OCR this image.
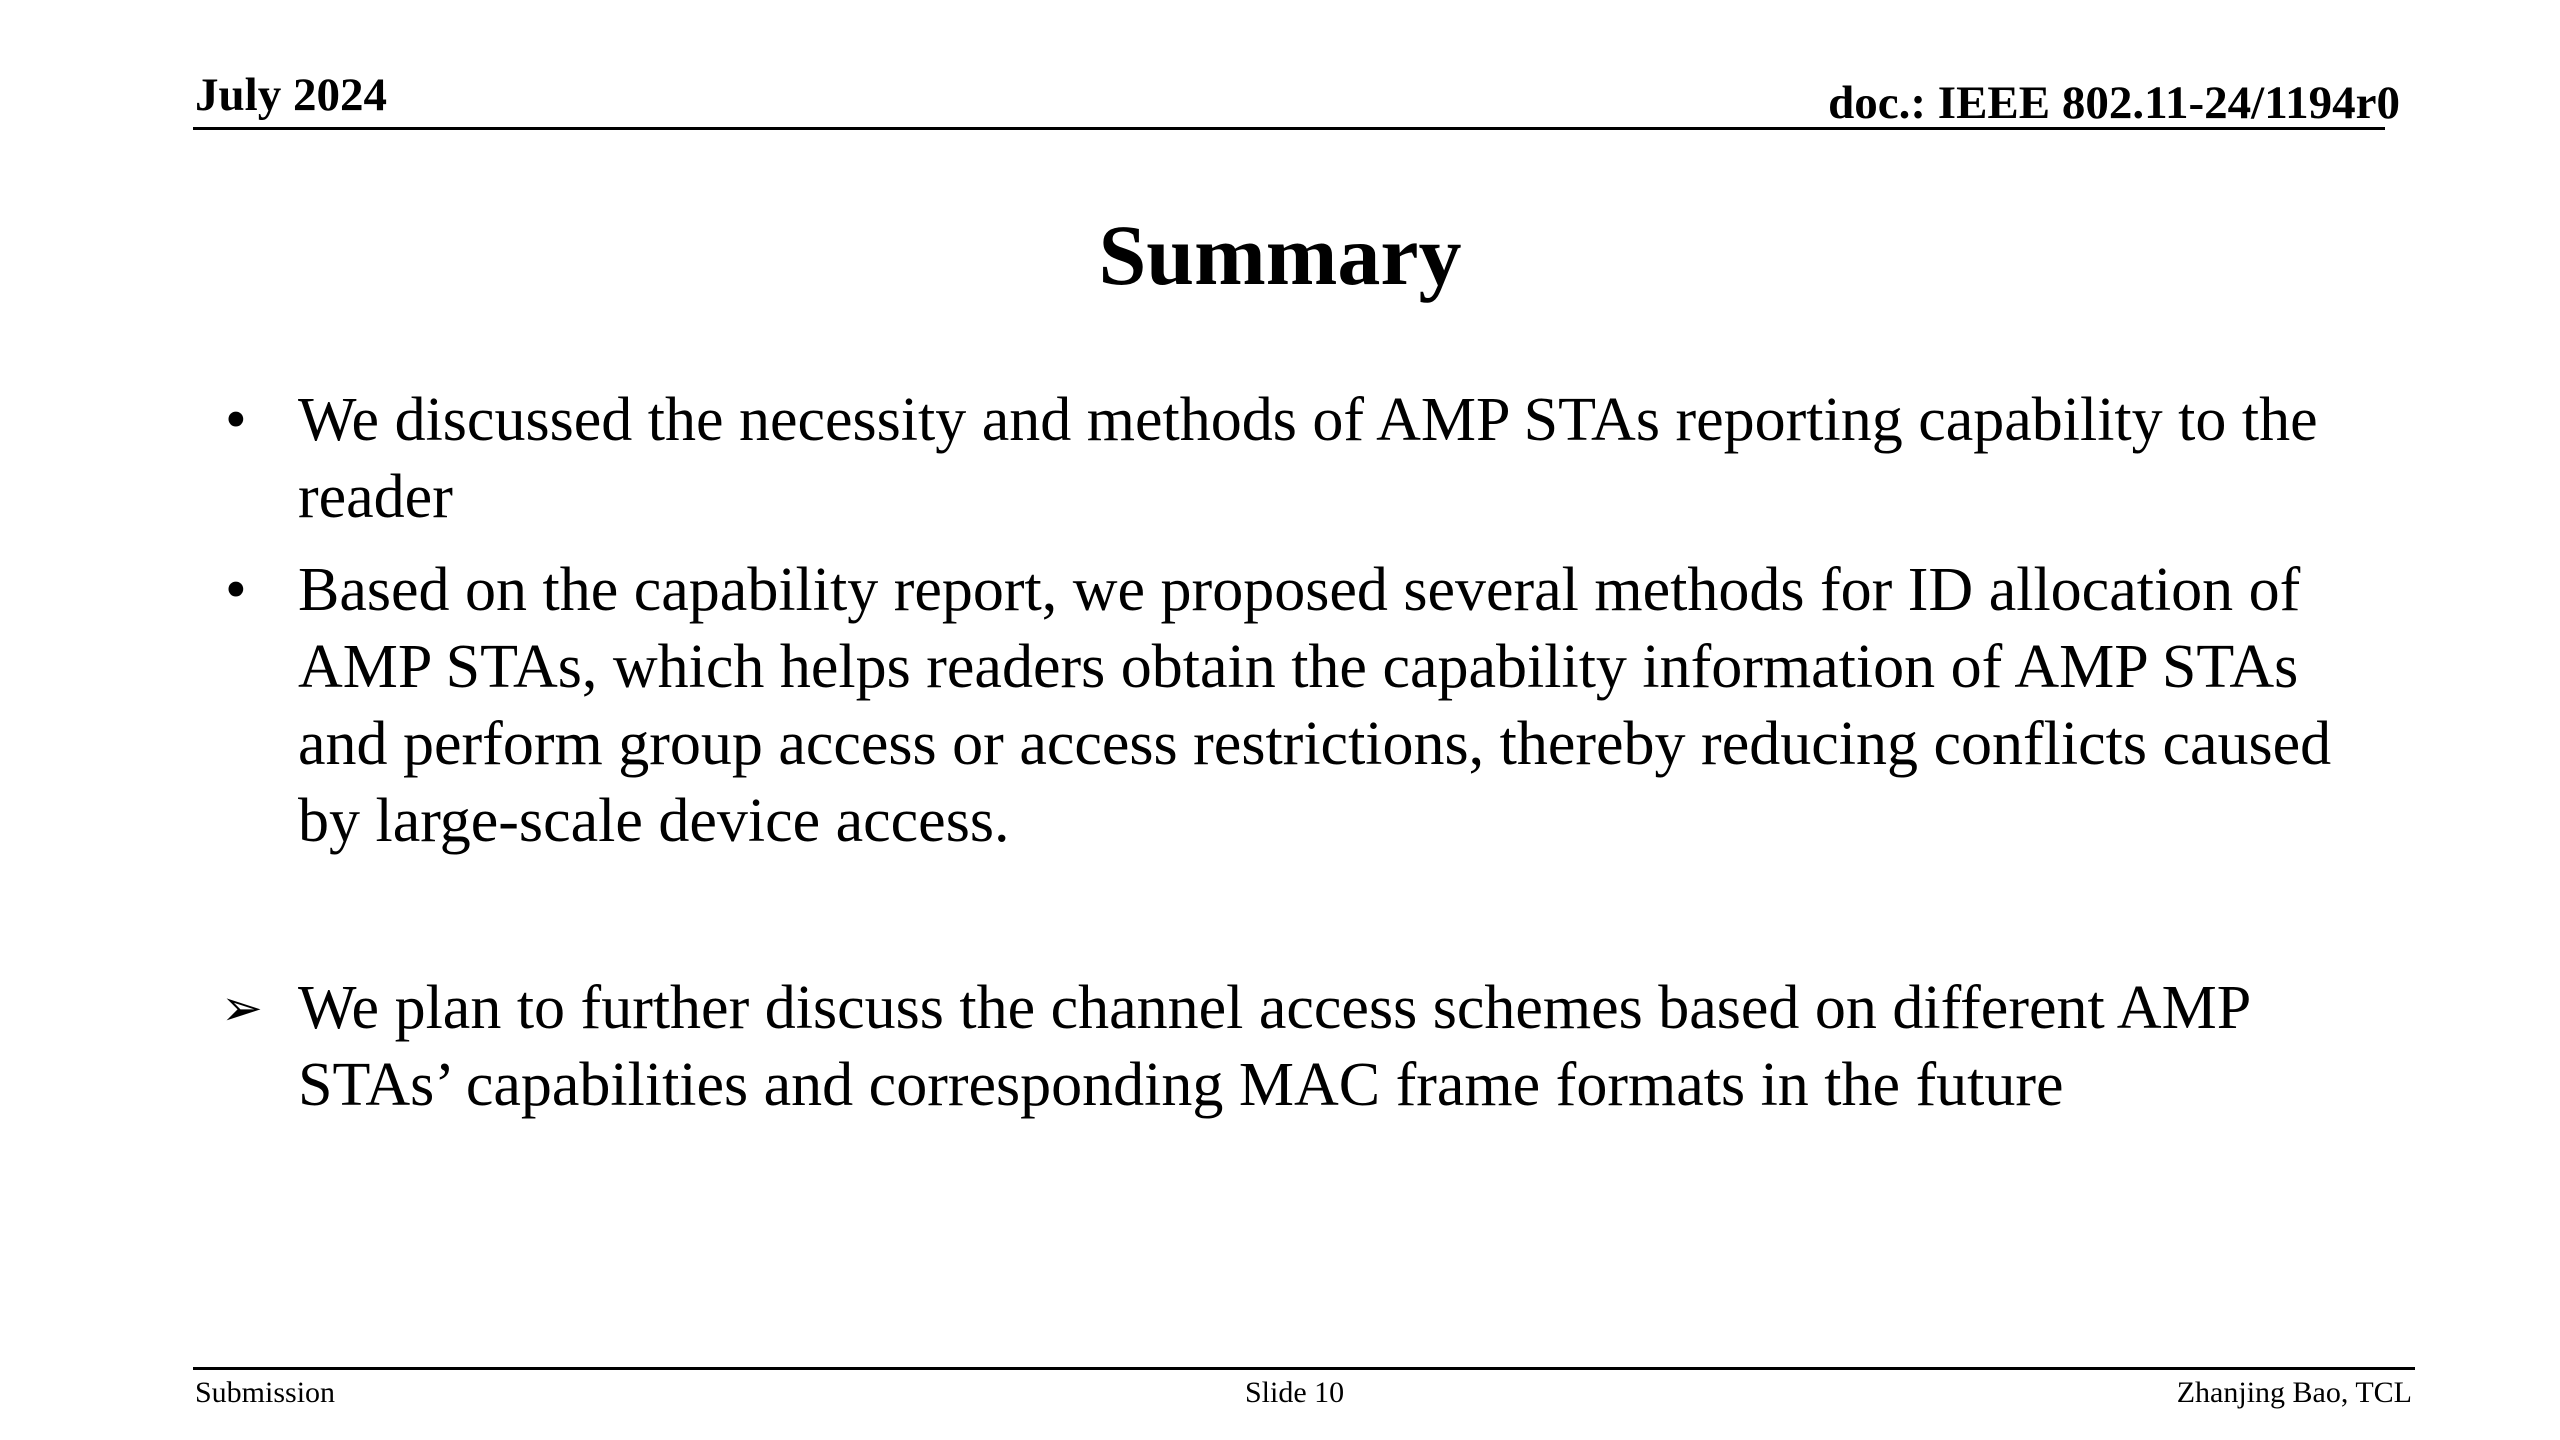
July 2024	doc.: IEEE 802.11-24/1194r0
Summary
• We discussed the necessity and methods of AMP STAs reporting capability to the reader
• Based on the capability report, we proposed several methods for ID allocation of AMP STAs, which helps readers obtain the capability information of AMP STAs and perform group access or access restrictions, thereby reducing conflicts caused by large-scale device access.
➢ We plan to further discuss the channel access schemes based on different AMP STAs’ capabilities and corresponding MAC frame formats in the future
Submission	Slide 10	Zhanjing Bao, TCL
